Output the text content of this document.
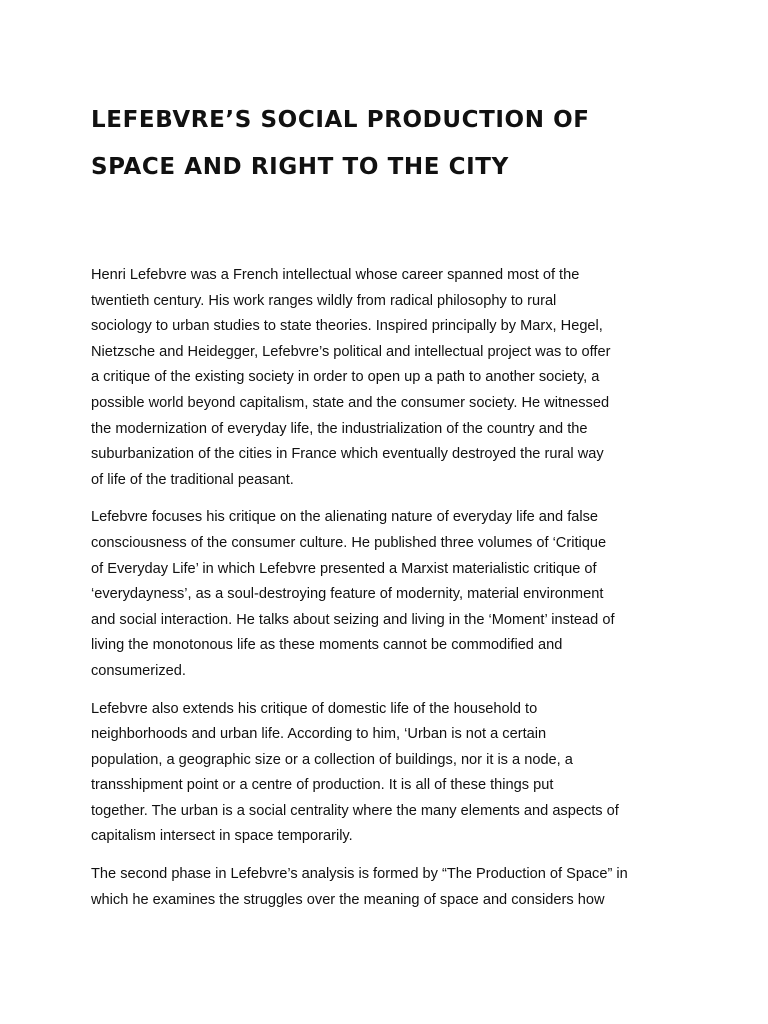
LEFEBVRE’S SOCIAL PRODUCTION OF
SPACE AND RIGHT TO THE CITY

Henri Lefebvre was a French intellectual whose career spanned most of the
twentieth century. His work ranges wildly from radical philosophy to rural
sociology to urban studies to state theories. Inspired principally by Marx, Hegel,
Nietzsche and Heidegger, Lefebvre’s political and intellectual project was to offer
a critique of the existing society in order to open up a path to another society, a
possible world beyond capitalism, state and the consumer society. He witnessed
the modernization of everyday life, the industrialization of the country and the
suburbanization of the cities in France which eventually destroyed the rural way
of life of the traditional peasant.

Lefebvre focuses his critique on the alienating nature of everyday life and false
consciousness of the consumer culture. He published three volumes of ‘Critique
of Everyday Life’ in which Lefebvre presented a Marxist materialistic critique of
‘everydayness’, as a soul-destroying feature of modernity, material environment
and social interaction. He talks about seizing and living in the ‘Moment’ instead of
living the monotonous life as these moments cannot be commodified and
consumerized.

Lefebvre also extends his critique of domestic life of the household to
neighborhoods and urban life. According to him, ‘Urban is not a certain
population, a geographic size or a collection of buildings, nor it is a node, a
transshipment point or a centre of production. It is all of these things put
together. The urban is a social centrality where the many elements and aspects of
capitalism intersect in space temporarily.

The second phase in Lefebvre’s analysis is formed by “The Production of Space” in
which he examines the struggles over the meaning of space and considers how
